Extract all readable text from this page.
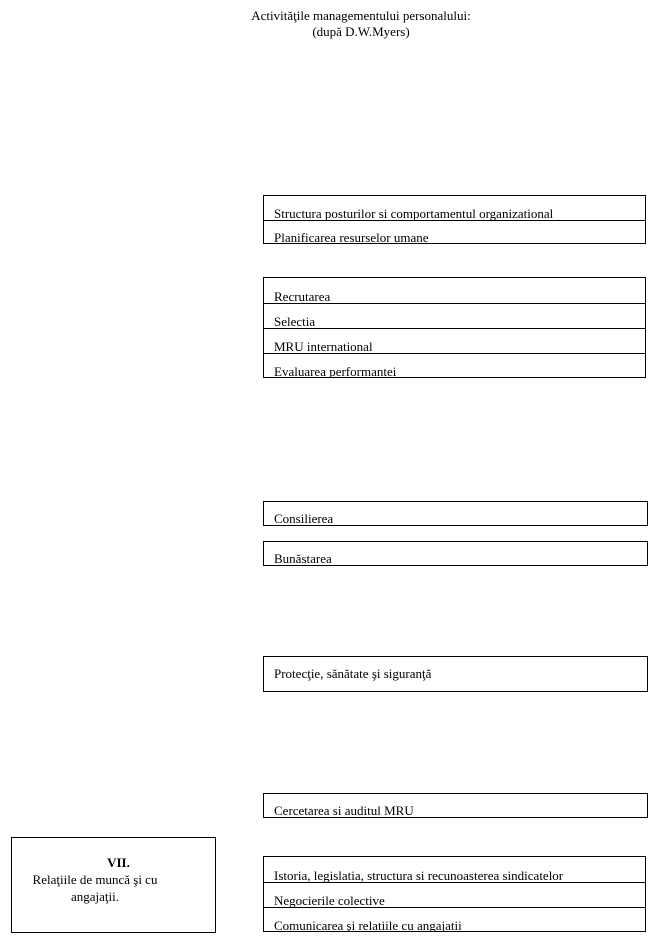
Activităţile managementului personalului:
(după D.W.Myers)
Structura posturilor si comportamentul organizational
Planificarea resurselor umane
Recrutarea
Selectia
MRU international
Evaluarea performantei
Consilierea
Bunăstarea
Protecţie, sănătate şi siguranţă
Cercetarea si auditul MRU
VII.
Relaţiile de muncă şi cu angajaţii.
Istoria, legislatia, structura si recunoasterea sindicatelor
Negocierile colective
Comunicarea şi relatiile cu angajatii
